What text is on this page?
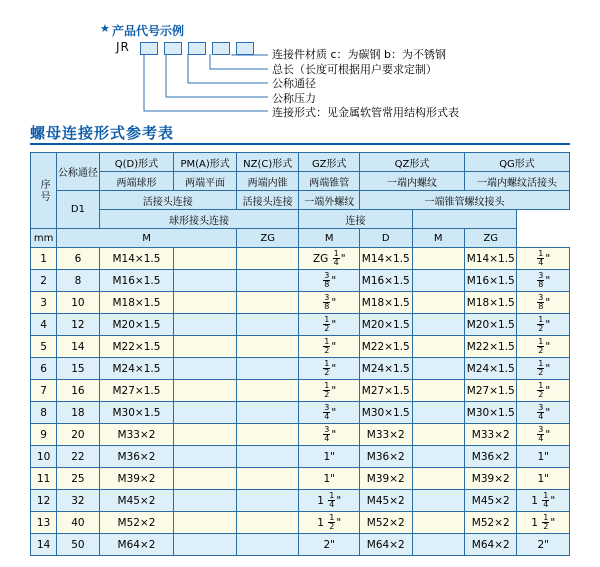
★ 产品代号示例
JR
连接件材质 c：为碳钢 b：为不锈钢
总长（长度可根据用户要求定制）
公称通径
公称压力
连接形式：见金属软管常用结构形式表
螺母连接形式参考表
序号	公称通径	Q(D)形式	PM(A)形式	NZ(C)形式	GZ形式	QZ形式		QG形式	
		两端球形	两端平面	两端内锥	两端锥管	一端内螺纹		一端内螺纹活接头	
	D1	活接头连接		活接头连接	一端外螺纹	一端锥管螺纹接头			
		球形接头连接			连接				
mm	M			ZG	M	D	M	ZG	
1	6	M14×1.5			ZG $\frac{1}{4}$ "	M14×1.5		M14×1.5	$\frac{1}{4}$ "
2	8	M16×1.5			$\frac{3}{8}$ "	M16×1.5		M16×1.5	$\frac{3}{8}$ "
3	10	M18×1.5			$\frac{3}{8}$ "	M18×1.5		M18×1.5	$\frac{3}{8}$ "
4	12	M20×1.5			$\frac{1}{2}$ "	M20×1.5		M20×1.5	$\frac{1}{2}$ "
5	14	M22×1.5			$\frac{1}{2}$ "	M22×1.5		M22×1.5	$\frac{1}{2}$ "
6	15	M24×1.5			$\frac{1}{2}$ "	M24×1.5		M24×1.5	$\frac{1}{2}$ "
7	16	M27×1.5			$\frac{1}{2}$ "	M27×1.5		M27×1.5	$\frac{1}{2}$ "
8	18	M30×1.5			$\frac{3}{4}$ "	M30×1.5		M30×1.5	$\frac{3}{4}$ "
9	20	M33×2			$\frac{3}{4}$ "	M33×2		M33×2	$\frac{3}{4}$ "
10	22	M36×2			1"	M36×2		M36×2	1"
11	25	M39×2			1"	M39×2		M39×2	1"
12	32	M45×2			$1 \frac{1}{4}$ "	M45×2		M45×2	$1 \frac{1}{4}$ "
13	40	M52×2			$1 \frac{1}{2}$ "	M52×2		M52×2	$1 \frac{1}{2}$ "
14	50	M64×2			2"	M64×2		M64×2	2"
